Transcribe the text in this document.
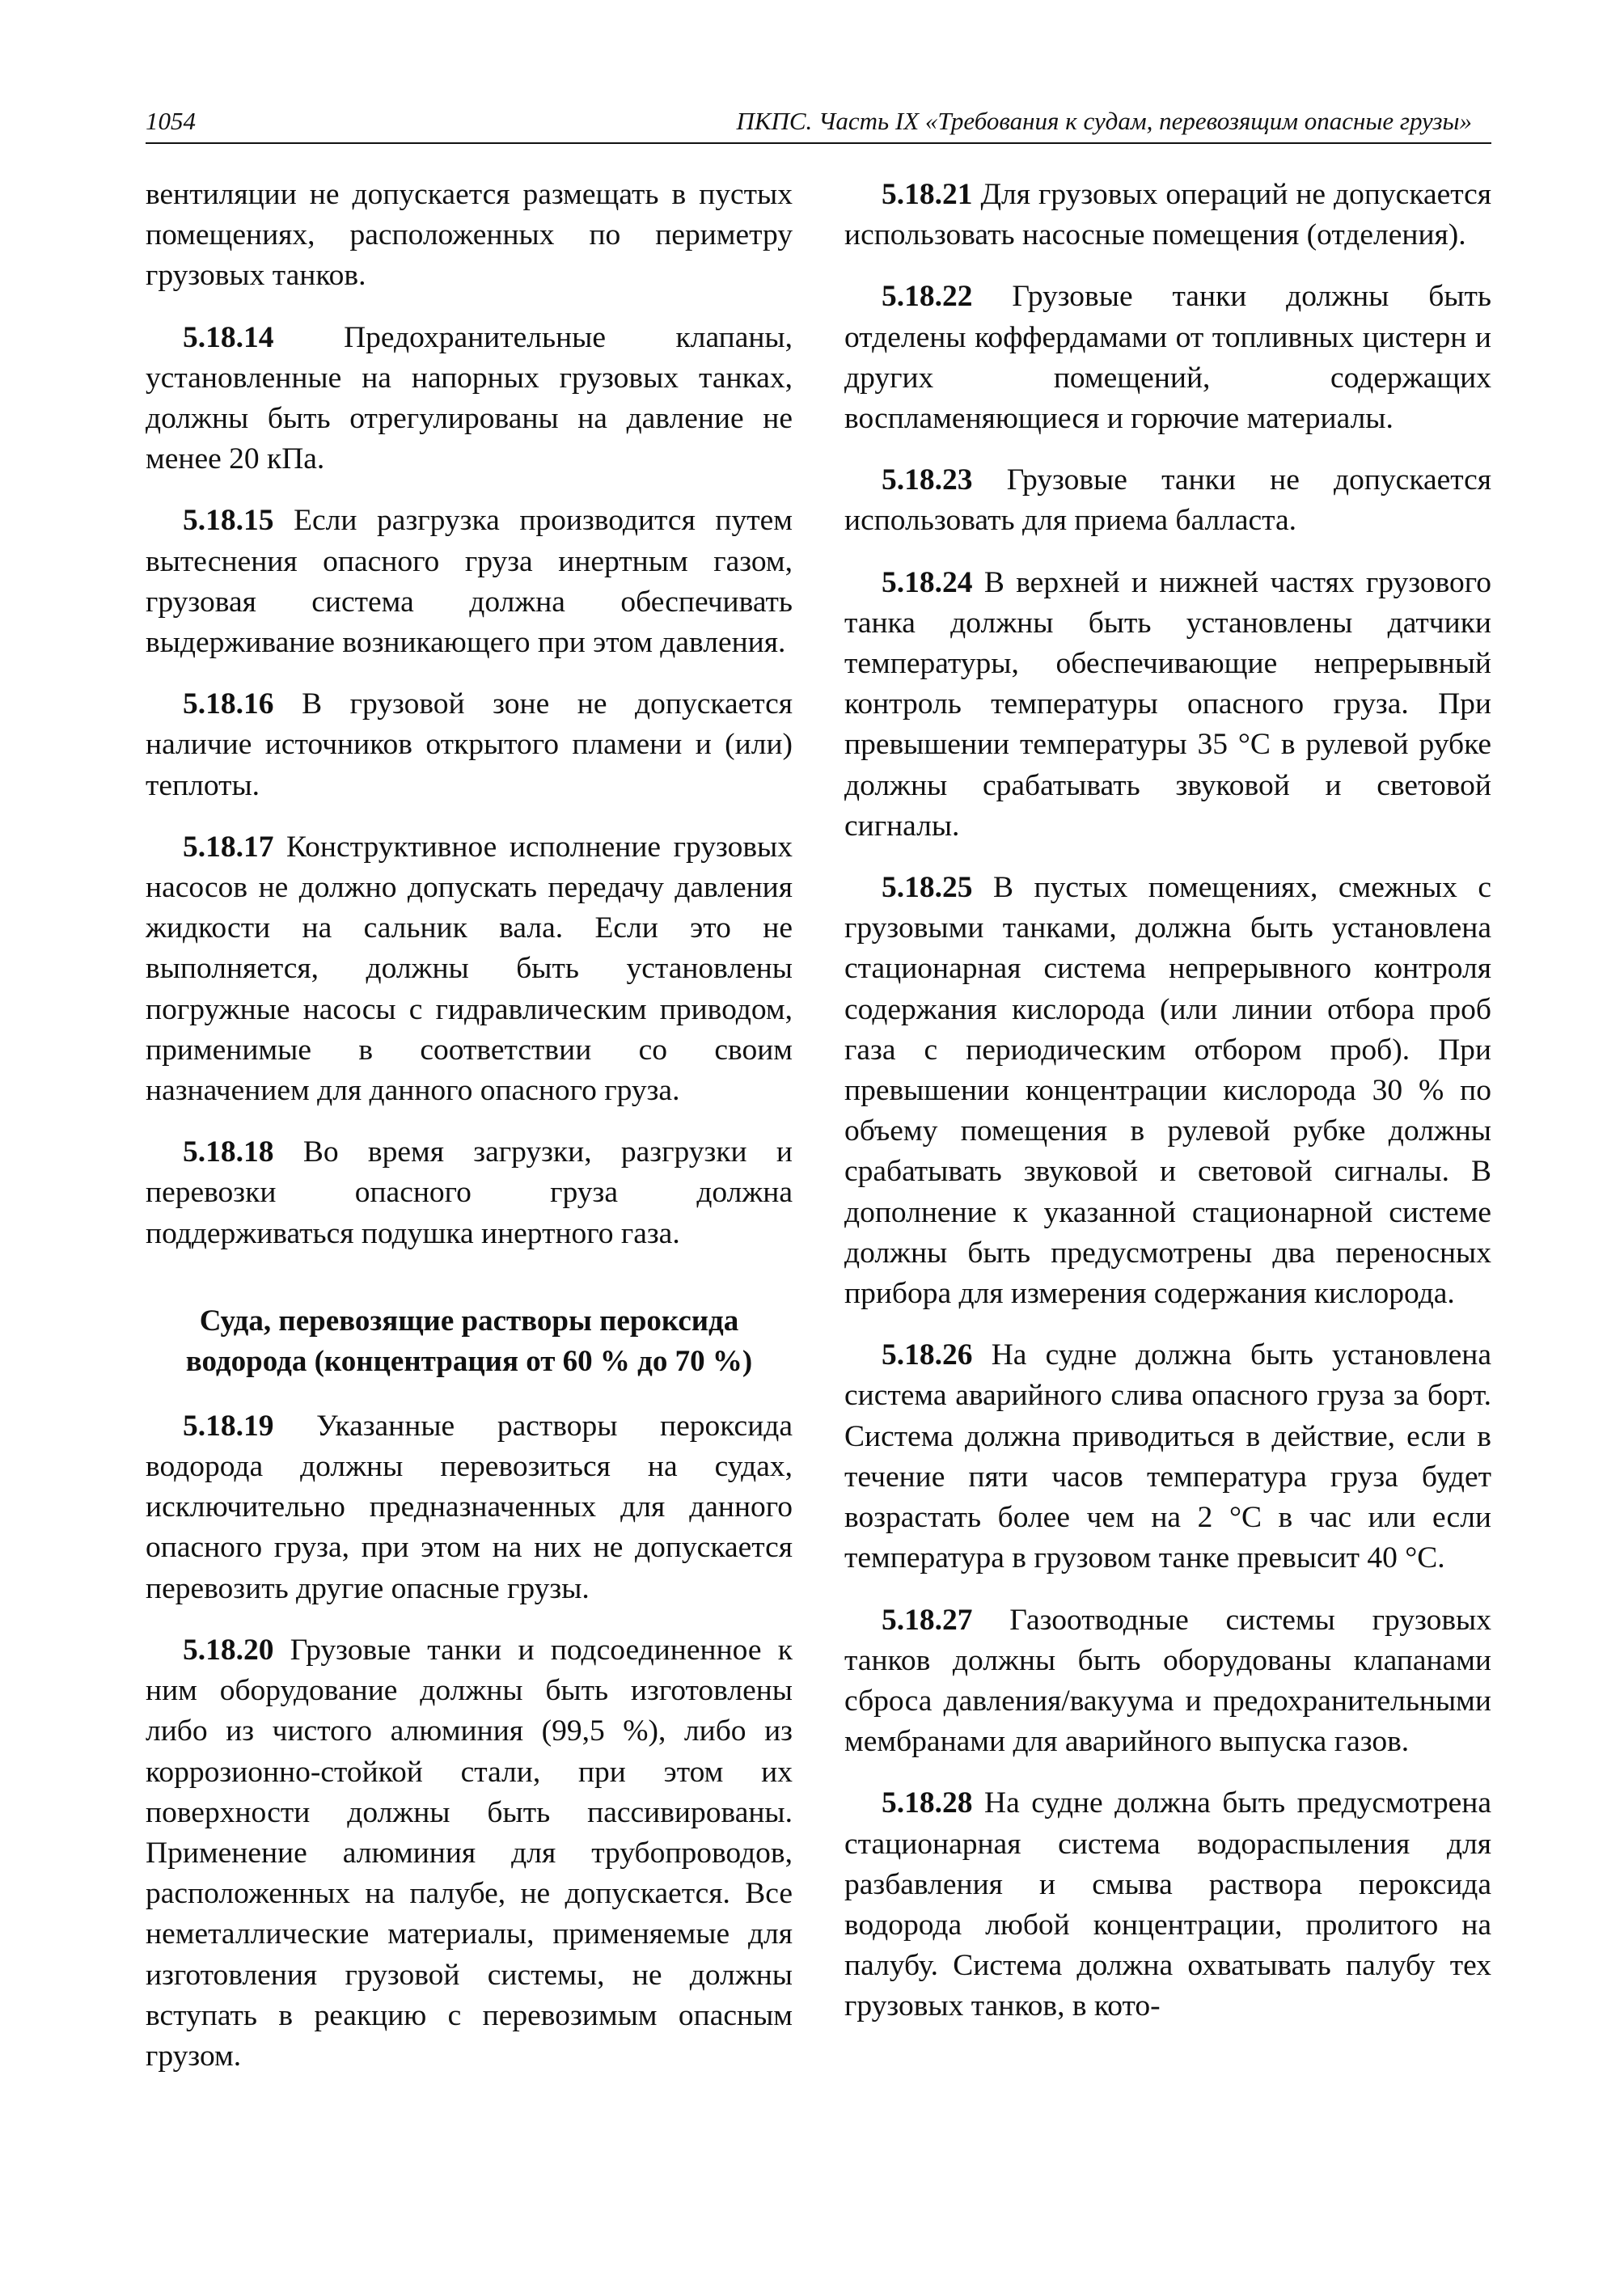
1054	ПКПС. Часть IX «Требования к судам, перевозящим опасные грузы»

вентиляции не допускается размещать в пустых помещениях, расположенных по периметру грузовых танков.

5.18.14 Предохранительные клапаны, установленные на напорных грузовых танках, должны быть отрегулированы на давление не менее 20 кПа.

5.18.15 Если разгрузка производится путем вытеснения опасного груза инертным газом, грузовая система должна обеспечивать выдерживание возникающего при этом давления.

5.18.16 В грузовой зоне не допускается наличие источников открытого пламени и (или) теплоты.

5.18.17 Конструктивное исполнение грузовых насосов не должно допускать передачу давления жидкости на сальник вала. Если это не выполняется, должны быть установлены погружные насосы с гидравлическим приводом, применимые в соответствии со своим назначением для данного опасного груза.

5.18.18 Во время загрузки, разгрузки и перевозки опасного груза должна поддерживаться подушка инертного газа.

Суда, перевозящие растворы пероксида
водорода (концентрация от 60 % до 70 %)

5.18.19 Указанные растворы пероксида водорода должны перевозиться на судах, исключительно предназначенных для данного опасного груза, при этом на них не допускается перевозить другие опасные грузы.

5.18.20 Грузовые танки и подсоединенное к ним оборудование должны быть изготовлены либо из чистого алюминия (99,5 %), либо из коррозионно-стойкой стали, при этом их поверхности должны быть пассивированы. Применение алюминия для трубопроводов, расположенных на палубе, не допускается. Все неметаллические материалы, применяемые для изготовления грузовой системы, не должны вступать в реакцию с перевозимым опасным грузом.

5.18.21 Для грузовых операций не допускается использовать насосные помещения (отделения).

5.18.22 Грузовые танки должны быть отделены коффердамами от топливных цистерн и других помещений, содержащих воспламеняющиеся и горючие материалы.

5.18.23 Грузовые танки не допускается использовать для приема балласта.

5.18.24 В верхней и нижней частях грузового танка должны быть установлены датчики температуры, обеспечивающие непрерывный контроль температуры опасного груза. При превышении температуры 35 °С в рулевой рубке должны срабатывать звуковой и световой сигналы.

5.18.25 В пустых помещениях, смежных с грузовыми танками, должна быть установлена стационарная система непрерывного контроля содержания кислорода (или линии отбора проб газа с периодическим отбором проб). При превышении концентрации кислорода 30 % по объему помещения в рулевой рубке должны срабатывать звуковой и световой сигналы. В дополнение к указанной стационарной системе должны быть предусмотрены два переносных прибора для измерения содержания кислорода.

5.18.26 На судне должна быть установлена система аварийного слива опасного груза за борт. Система должна приводиться в действие, если в течение пяти часов температура груза будет возрастать более чем на 2 °С в час или если температура в грузовом танке превысит 40 °С.

5.18.27 Газоотводные системы грузовых танков должны быть оборудованы клапанами сброса давления/вакуума и предохранительными мембранами для аварийного выпуска газов.

5.18.28 На судне должна быть предусмотрена стационарная система водораспыления для разбавления и смыва раствора пероксида водорода любой концентрации, пролитого на палубу. Система должна охватывать палубу тех грузовых танков, в кото-
